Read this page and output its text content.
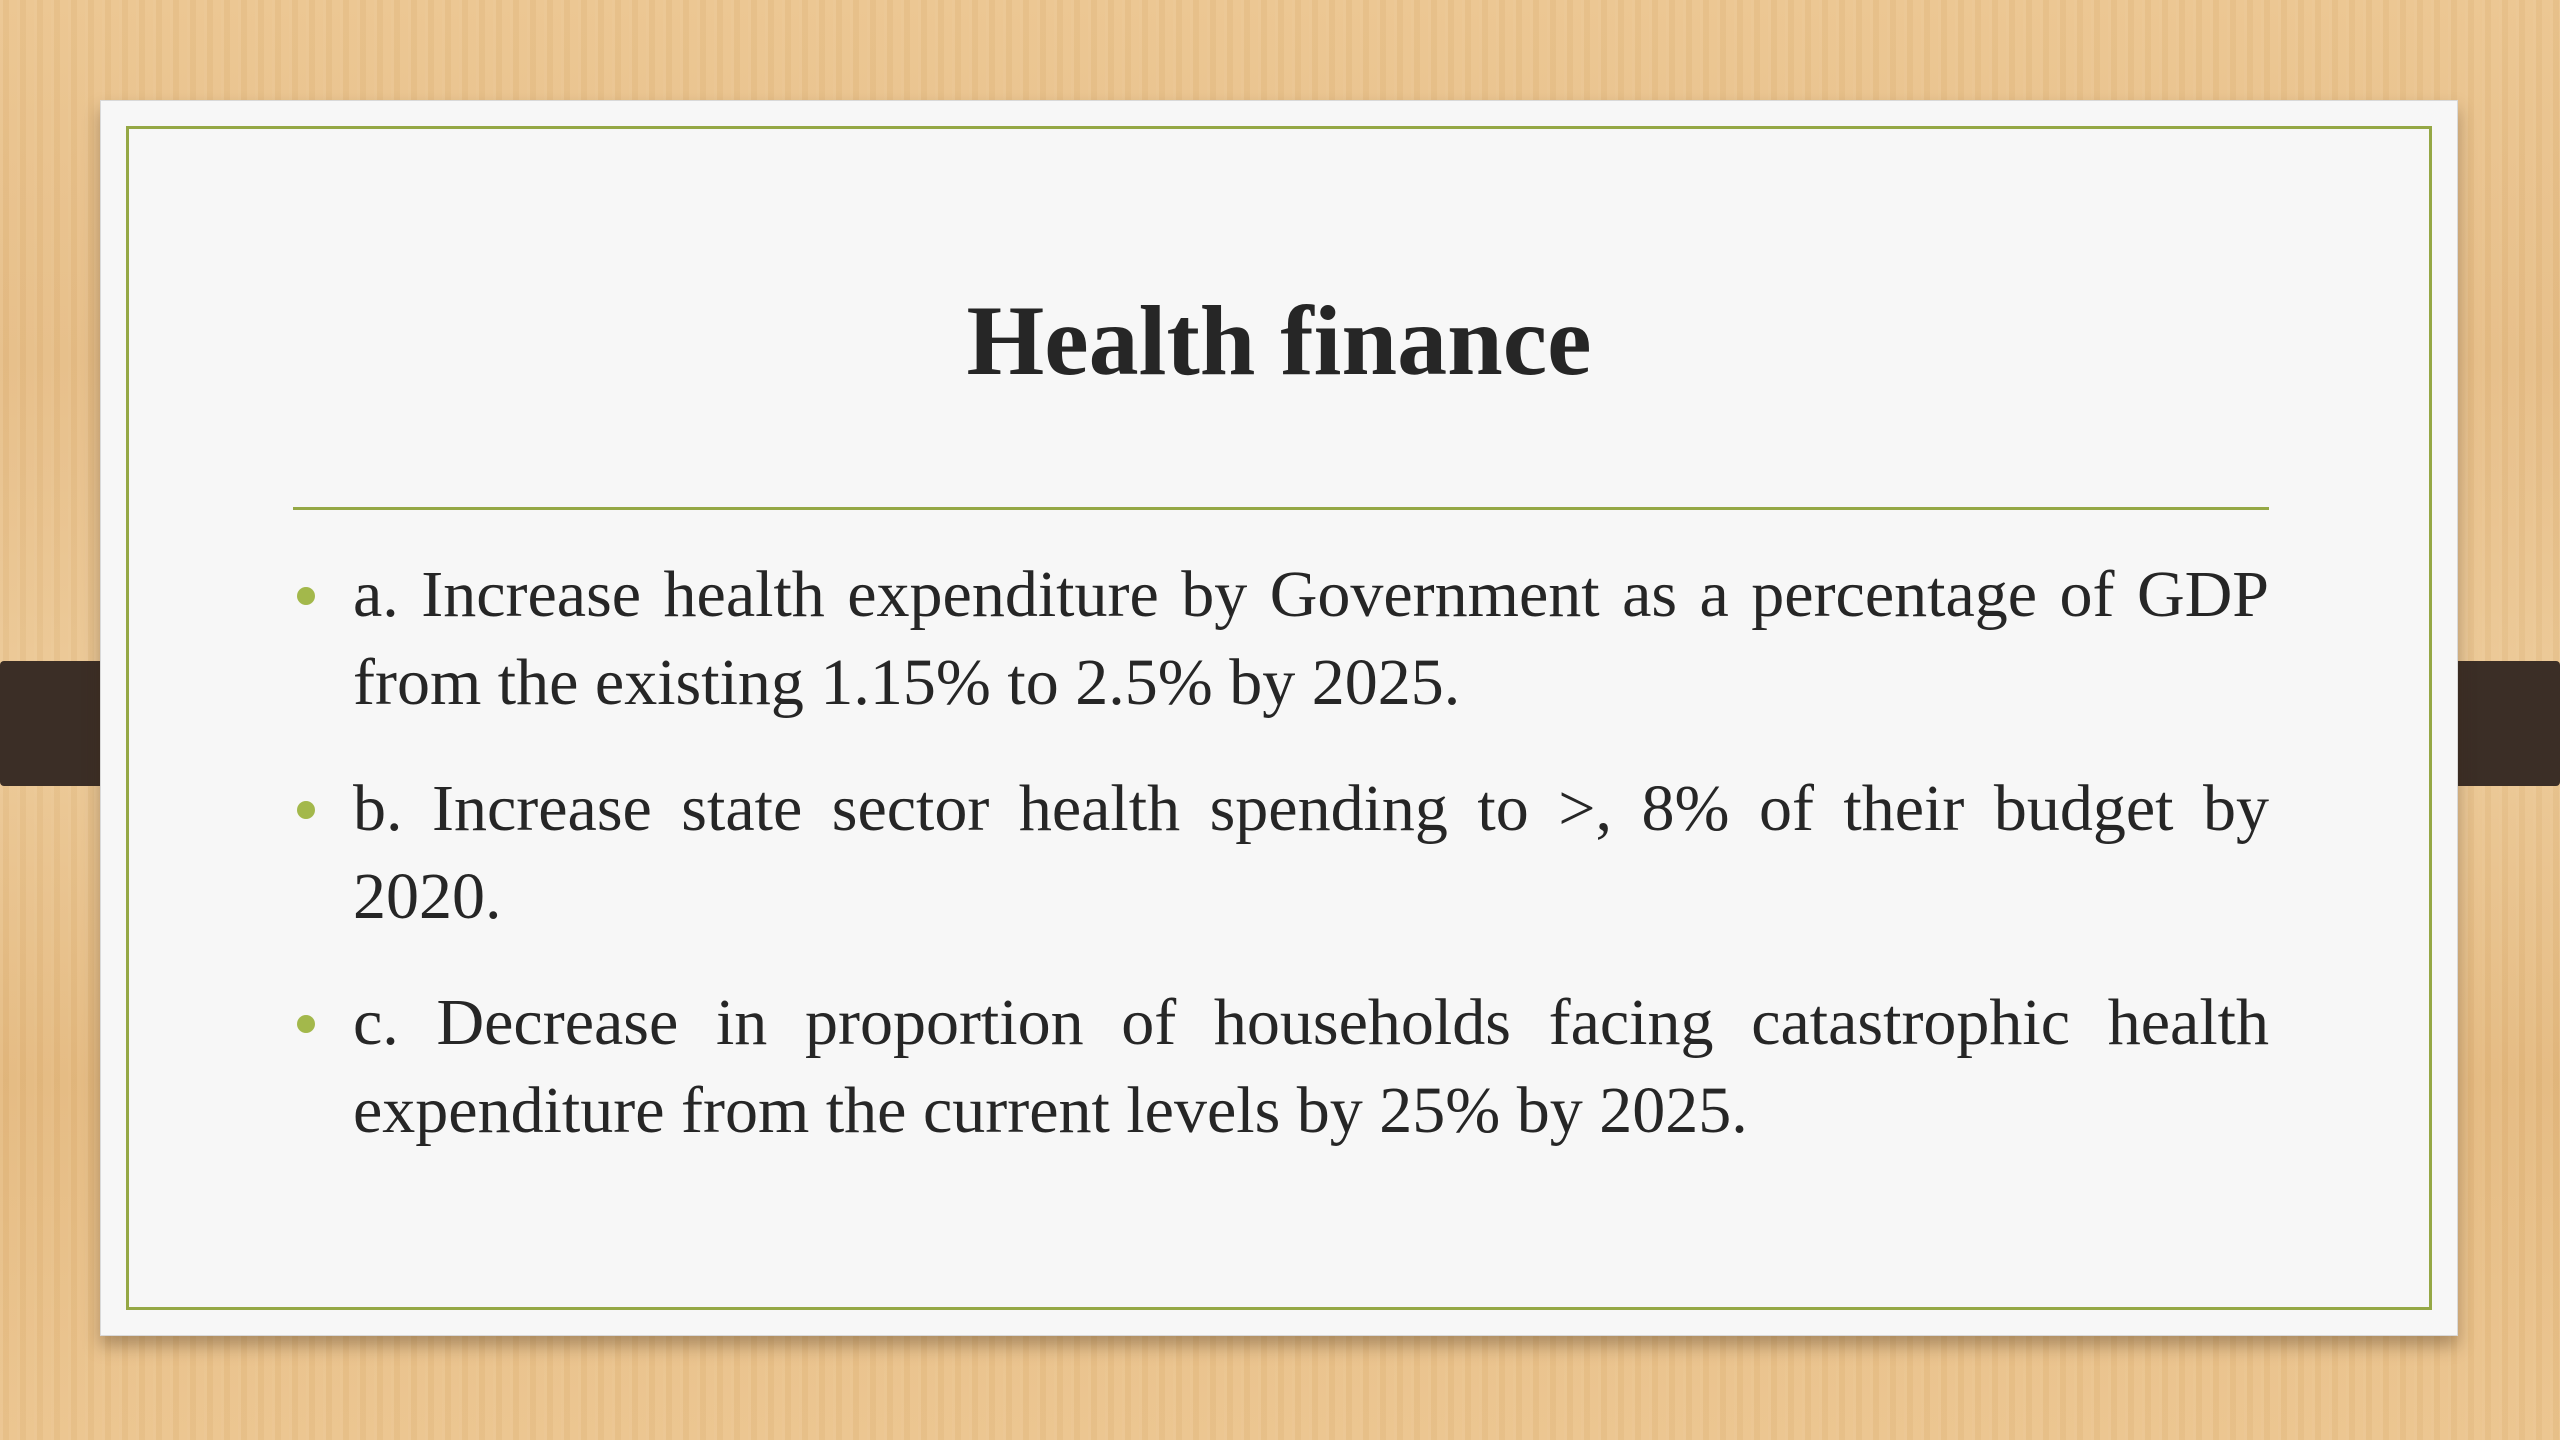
Health finance
a. Increase health expenditure by Government as a percentage of GDP from the existing 1.15% to 2.5% by 2025.
b. Increase state sector health spending to >, 8% of their budget by 2020.
c. Decrease in proportion of households facing catastrophic health expenditure from the current levels by 25% by 2025.
